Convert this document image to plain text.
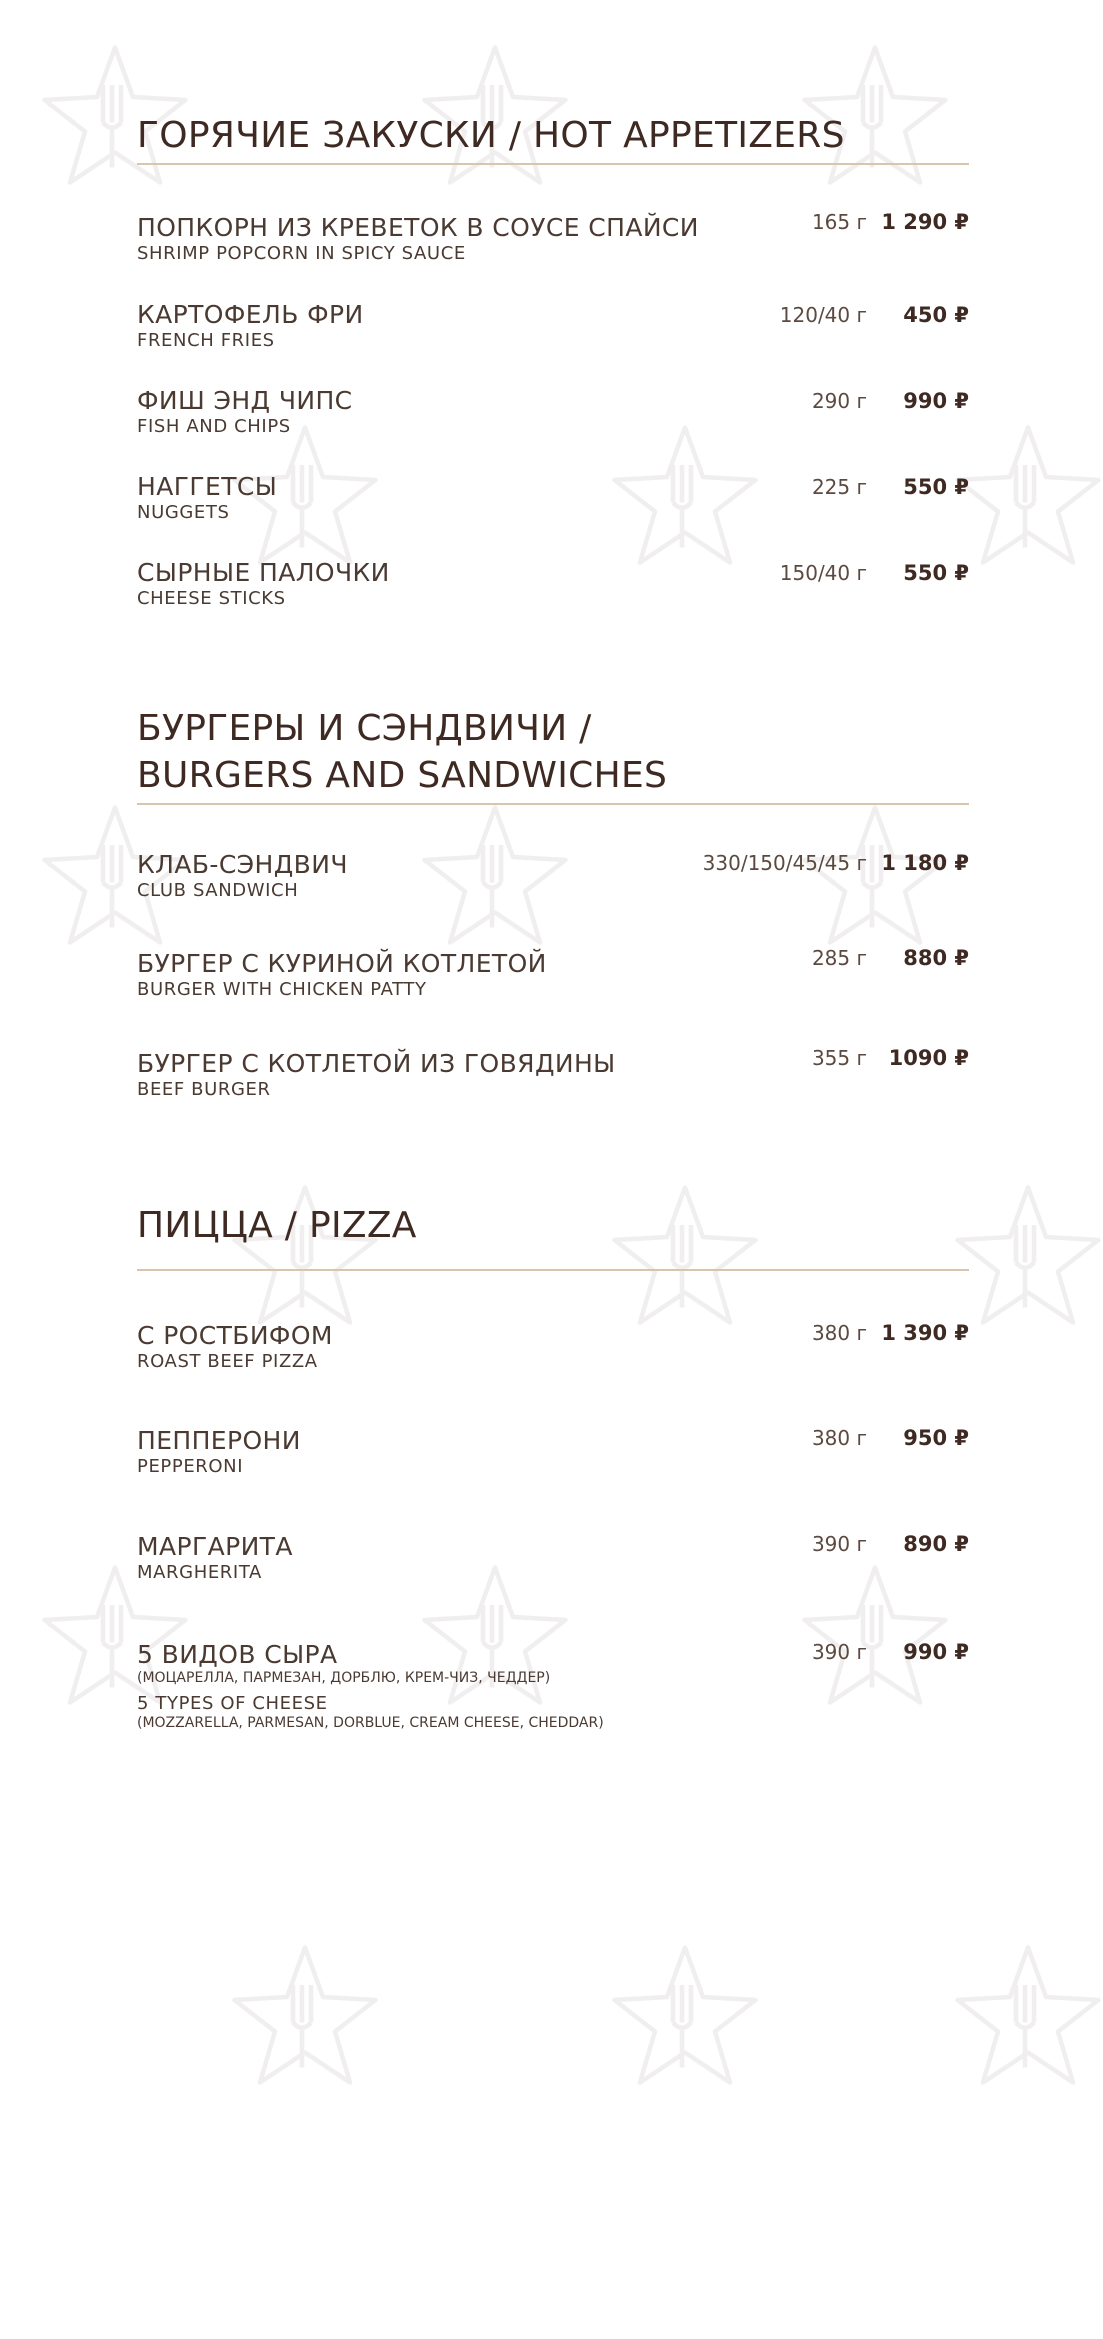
ГОРЯЧИЕ ЗАКУСКИ / HOT APPETIZERS
ПОПКОРН ИЗ КРЕВЕТОК В СОУСЕ СПАЙСИ
SHRIMP POPCORN IN SPICY SAUCE
165 г 1 290 ₽
КАРТОФЕЛЬ ФРИ
FRENCH FRIES
120/40 г 450 ₽
ФИШ ЭНД ЧИПС
FISH AND CHIPS
290 г 990 ₽
НАГГЕТСЫ
NUGGETS
225 г 550 ₽
СЫРНЫЕ ПАЛОЧКИ
CHEESE STICKS
150/40 г 550 ₽
БУРГЕРЫ И СЭНДВИЧИ /
BURGERS AND SANDWICHES
КЛАБ-СЭНДВИЧ
CLUB SANDWICH
330/150/45/45 г 1 180 ₽
БУРГЕР С КУРИНОЙ КОТЛЕТОЙ
BURGER WITH CHICKEN PATTY
285 г 880 ₽
БУРГЕР С КОТЛЕТОЙ ИЗ ГОВЯДИНЫ
BEEF BURGER
355 г 1090 ₽
ПИЦЦА / PIZZA
С РОСТБИФОМ
ROAST BEEF PIZZA
380 г 1 390 ₽
ПЕППЕРОНИ
PEPPERONI
380 г 950 ₽
МАРГАРИТА
MARGHERITA
390 г 890 ₽
5 ВИДОВ СЫРА
(МОЦАРЕЛЛА, ПАРМЕЗАН, ДОРБЛЮ, КРЕМ-ЧИЗ, ЧЕДДЕР)
5 TYPES OF CHEESE
(MOZZARELLA, PARMESAN, DORBLUE, CREAM CHEESE, CHEDDAR)
390 г 990 ₽
